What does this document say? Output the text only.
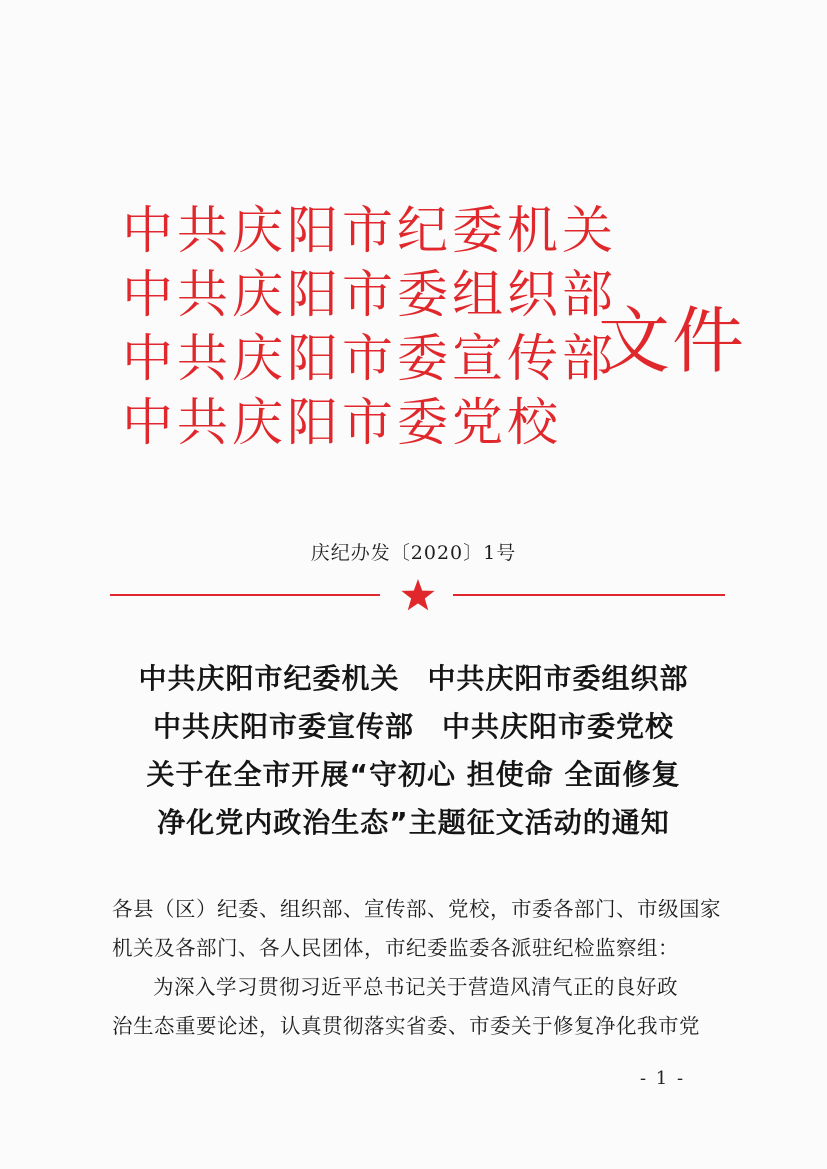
中共庆阳市纪委机关
中共庆阳市委组织部
中共庆阳市委宣传部
中共庆阳市委党校
文件
庆纪办发〔2020〕1号
中共庆阳市纪委机关 中共庆阳市委组织部
中共庆阳市委宣传部 中共庆阳市委党校
关于在全市开展“守初心 担使命 全面修复
净化党内政治生态”主题征文活动的通知

各县（区）纪委、组织部、宣传部、党校，市委各部门、市级国家

机关及各部门、各人民团体，市纪委监委各派驻纪检监察组：

为深入学习贯彻习近平总书记关于营造风清气正的良好政

治生态重要论述，认真贯彻落实省委、市委关于修复净化我市党

- 1 -
